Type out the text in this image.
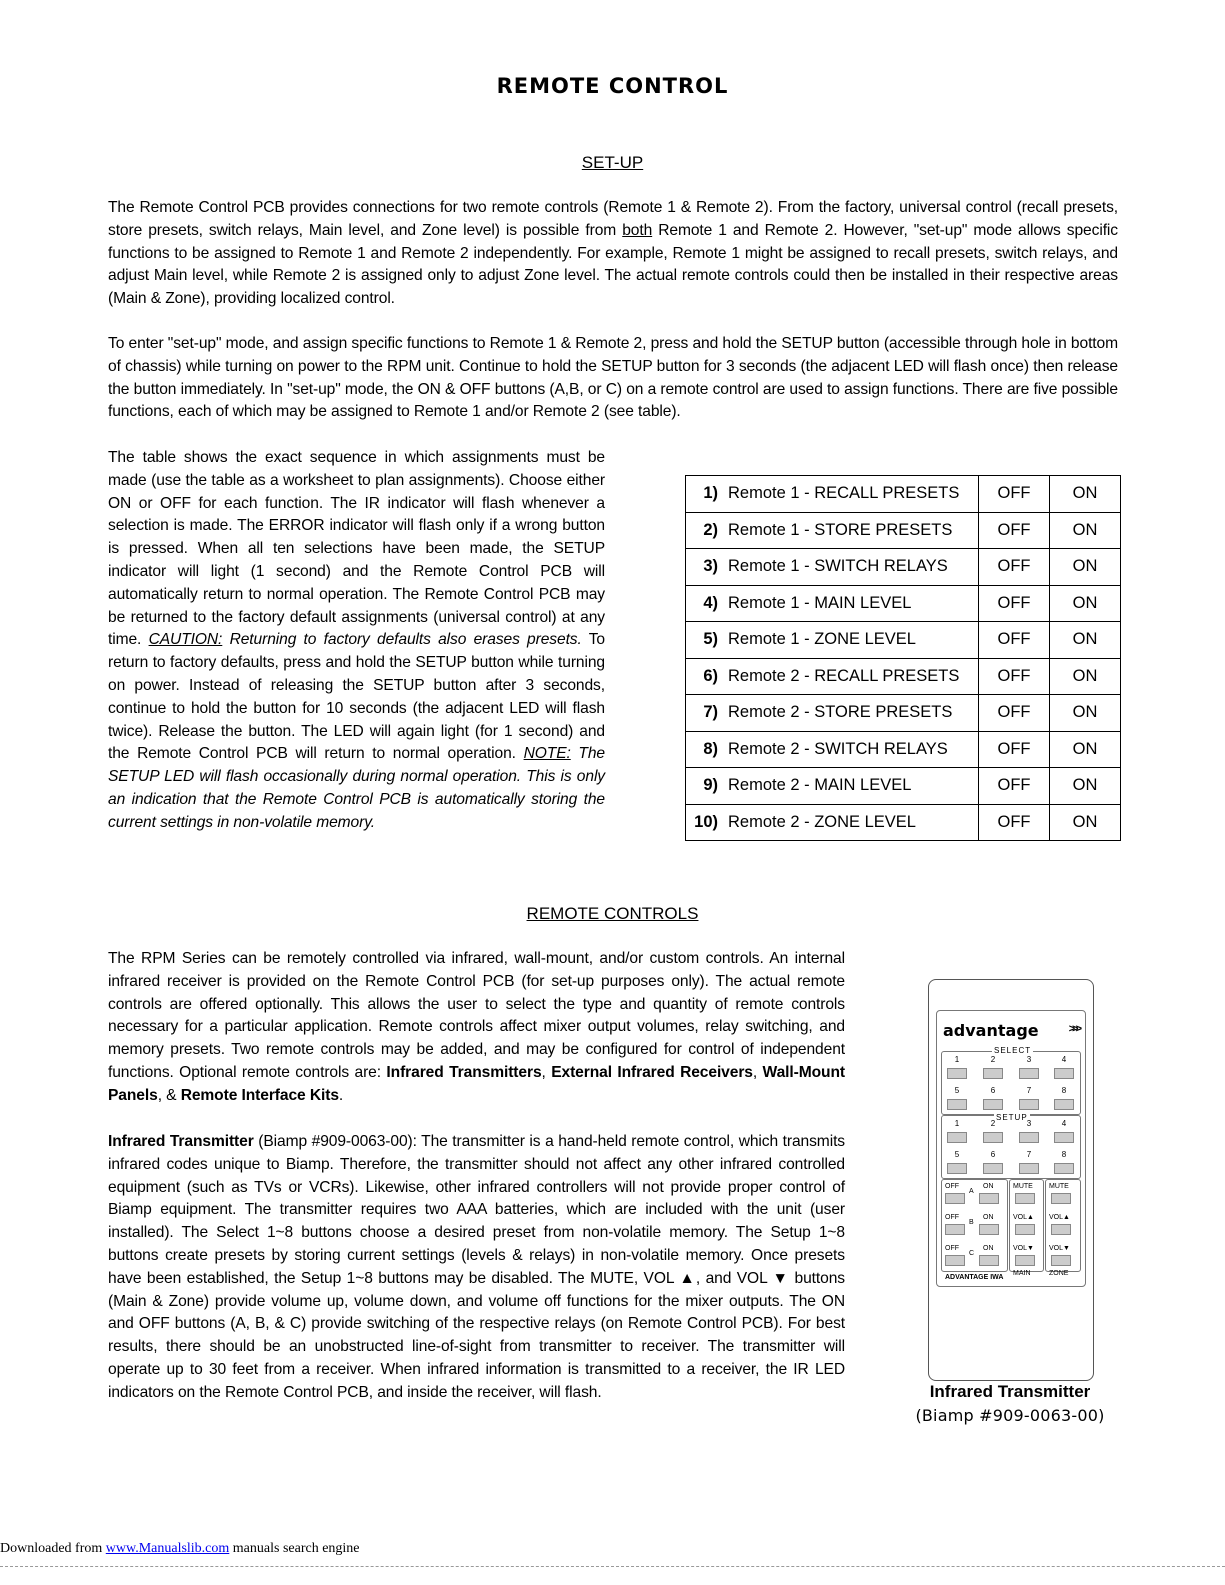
REMOTE CONTROL
SET-UP
The Remote Control PCB provides connections for two remote controls (Remote 1 & Remote 2). From the factory, universal control (recall presets, store presets, switch relays, Main level, and Zone level) is possible from both Remote 1 and Remote 2. However, "set-up" mode allows specific functions to be assigned to Remote 1 and Remote 2 independently. For example, Remote 1 might be assigned to recall presets, switch relays, and adjust Main level, while Remote 2 is assigned only to adjust Zone level. The actual remote controls could then be installed in their respective areas (Main & Zone), providing localized control.
To enter "set-up" mode, and assign specific functions to Remote 1 & Remote 2, press and hold the SETUP button (accessible through hole in bottom of chassis) while turning on power to the RPM unit. Continue to hold the SETUP button for 3 seconds (the adjacent LED will flash once) then release the button immediately. In "set-up" mode, the ON & OFF buttons (A,B, or C) on a remote control are used to assign functions. There are five possible functions, each of which may be assigned to Remote 1 and/or Remote 2 (see table).
The table shows the exact sequence in which assignments must be made (use the table as a worksheet to plan assignments). Choose either ON or OFF for each function. The IR indicator will flash whenever a selection is made. The ERROR indicator will flash only if a wrong button is pressed. When all ten selections have been made, the SETUP indicator will light (1 second) and the Remote Control PCB will automatically return to normal operation. The Remote Control PCB may be returned to the factory default assignments (universal control) at any time. CAUTION: Returning to factory defaults also erases presets. To return to factory defaults, press and hold the SETUP button while turning on power. Instead of releasing the SETUP button after 3 seconds, continue to hold the button for 10 seconds (the adjacent LED will flash twice). Release the button. The LED will again light (for 1 second) and the Remote Control PCB will return to normal operation. NOTE: The SETUP LED will flash occasionally during normal operation. This is only an indication that the Remote Control PCB is automatically storing the current settings in non-volatile memory.
1) Remote 1 - RECALL PRESETS	OFF	ON
2) Remote 1 - STORE PRESETS	OFF	ON
3) Remote 1 - SWITCH RELAYS	OFF	ON
4) Remote 1 - MAIN LEVEL	OFF	ON
5) Remote 1 - ZONE LEVEL	OFF	ON
6) Remote 2 - RECALL PRESETS	OFF	ON
7) Remote 2 - STORE PRESETS	OFF	ON
8) Remote 2 - SWITCH RELAYS	OFF	ON
9) Remote 2 - MAIN LEVEL	OFF	ON
10) Remote 2 - ZONE LEVEL	OFF	ON
REMOTE CONTROLS
The RPM Series can be remotely controlled via infrared, wall-mount, and/or custom controls. An internal infrared receiver is provided on the Remote Control PCB (for set-up purposes only). The actual remote controls are offered optionally. This allows the user to select the type and quantity of remote controls necessary for a particular application. Remote controls affect mixer output volumes, relay switching, and memory presets. Two remote controls may be added, and may be configured for control of independent functions. Optional remote controls are: Infrared Transmitters, External Infrared Receivers, Wall-Mount Panels, & Remote Interface Kits.
Infrared Transmitter (Biamp #909-0063-00): The transmitter is a hand-held remote control, which transmits infrared codes unique to Biamp. Therefore, the transmitter should not affect any other infrared controlled equipment (such as TVs or VCRs). Likewise, other infrared controllers will not provide proper control of Biamp equipment. The transmitter requires two AAA batteries, which are included with the unit (user installed). The Select 1~8 buttons choose a desired preset from non-volatile memory. The Setup 1~8 buttons create presets by storing current settings (levels & relays) in non-volatile memory. Once presets have been established, the Setup 1~8 buttons may be disabled. The MUTE, VOL ▲, and VOL ▼ buttons (Main & Zone) provide volume up, volume down, and volume off functions for the mixer outputs. The ON and OFF buttons (A, B, & C) provide switching of the respective relays (on Remote Control PCB). For best results, there should be an unobstructed line-of-sight from transmitter to receiver. The transmitter will operate up to 30 feet from a receiver. When infrared information is transmitted to a receiver, the IR LED indicators on the Remote Control PCB, and inside the receiver, will flash.
advantage	>>>
SELECT
SETUP
1	2	3	4
5	6	7	8
1	2	3	4
5	6	7	8
OFF	ON
A
MUTE MUTE
OFF	ON
B
VOL▲ VOL▲
OFF	ON
C
VOL▼ VOL▼
ADVANTAGE IWA
MAIN	ZONE
Infrared Transmitter
(Biamp #909-0063-00)
Downloaded from www.Manualslib.com manuals search engine
